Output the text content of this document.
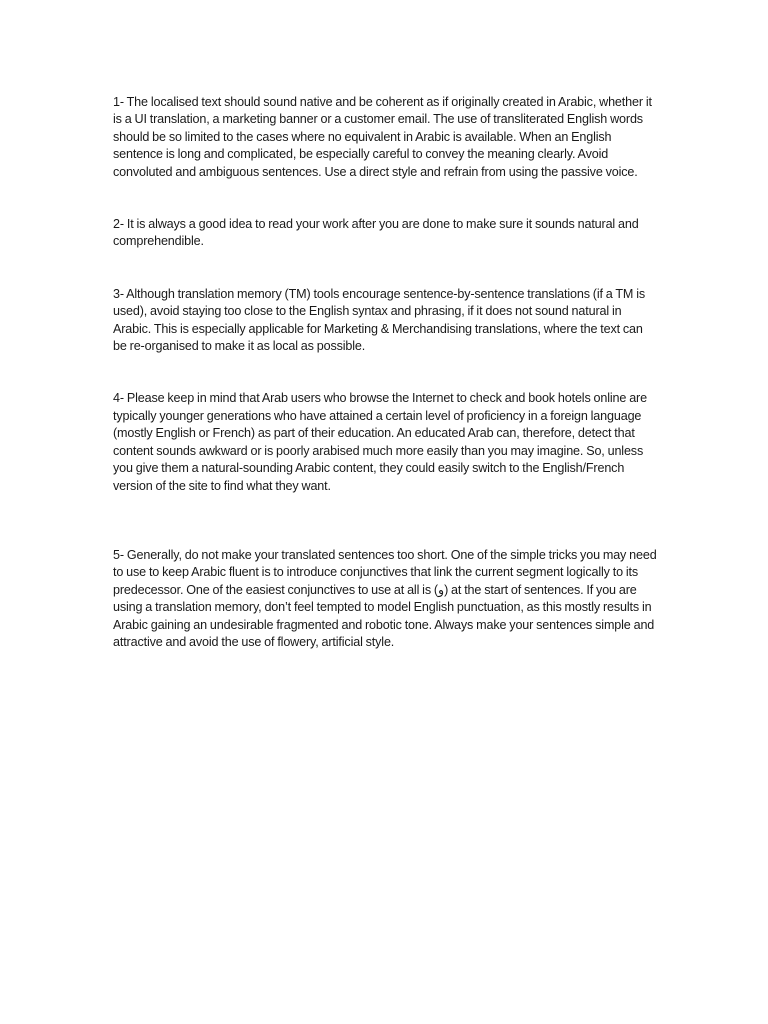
1- The localised text should sound native and be coherent as if originally created in Arabic, whether it is a UI translation, a marketing banner or a customer email. The use of transliterated English words should be so limited to the cases where no equivalent in Arabic is available. When an English sentence is long and complicated, be especially careful to convey the meaning clearly. Avoid convoluted and ambiguous sentences. Use a direct style and refrain from using the passive voice.

2- It is always a good idea to read your work after you are done to make sure it sounds natural and comprehendible.

3- Although translation memory (TM) tools encourage sentence-by-sentence translations (if a TM is used), avoid staying too close to the English syntax and phrasing, if it does not sound natural in Arabic. This is especially applicable for Marketing & Merchandising translations, where the text can be re-organised to make it as local as possible.

4- Please keep in mind that Arab users who browse the Internet to check and book hotels online are typically younger generations who have attained a certain level of proficiency in a foreign language (mostly English or French) as part of their education. An educated Arab can, therefore, detect that content sounds awkward or is poorly arabised much more easily than you may imagine. So, unless you give them a natural-sounding Arabic content, they could easily switch to the English/French version of the site to find what they want.

5- Generally, do not make your translated sentences too short. One of the simple tricks you may need to use to keep Arabic fluent is to introduce conjunctives that link the current segment logically to its predecessor. One of the easiest conjunctives to use at all is (و) at the start of sentences. If you are using a translation memory, don’t feel tempted to model English punctuation, as this mostly results in Arabic gaining an undesirable fragmented and robotic tone. Always make your sentences simple and attractive and avoid the use of flowery, artificial style.
